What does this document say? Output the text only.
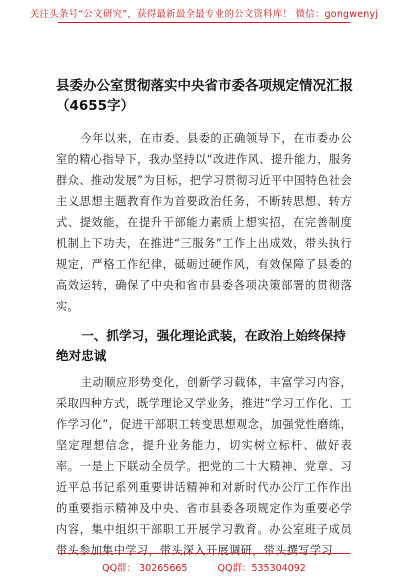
关注头条号“公文研究”，获得最新最全最专业的公文资料库！ 微信：gongwenyj
县委办公室贯彻落实中央省市委各项规定情况汇报（4655字）
今年以来，在市委、县委的正确领导下，在市委办公室的精心指导下，我办坚持以“改进作风、提升能力，服务群众、推动发展”为目标，把学习贯彻习近平中国特色社会主义思想主题教育作为首要政治任务，不断转思想、转方式、提效能，在提升干部能力素质上想实招，在完善制度机制上下功夫，在推进“三服务”工作上出成效，带头执行规定，严格工作纪律，砥砺过硬作风，有效保障了县委的高效运转，确保了中央和省市县委各项决策部署的贯彻落实。
一、抓学习，强化理论武装，在政治上始终保持绝对忠诚
主动顺应形势变化，创新学习载体，丰富学习内容，采取四种方式，既学理论又学业务，推进“学习工作化、工作学习化”，促进干部职工转变思想观念，加强党性磨练，坚定理想信念，提升业务能力，切实树立标杆、做好表率。一是上下联动全员学。把党的二十大精神、党章、习近平总书记系列重要讲话精神和对新时代办公厅工作作出的重要指示精神及中央、省市县委各项规定作为重要必学内容，集中组织干部职工开展学习教育。办公室班子成员带头参加集中学习，带头深入开展调研，带头撰写学习
QQ群： 30265665	QQ群：535304092
